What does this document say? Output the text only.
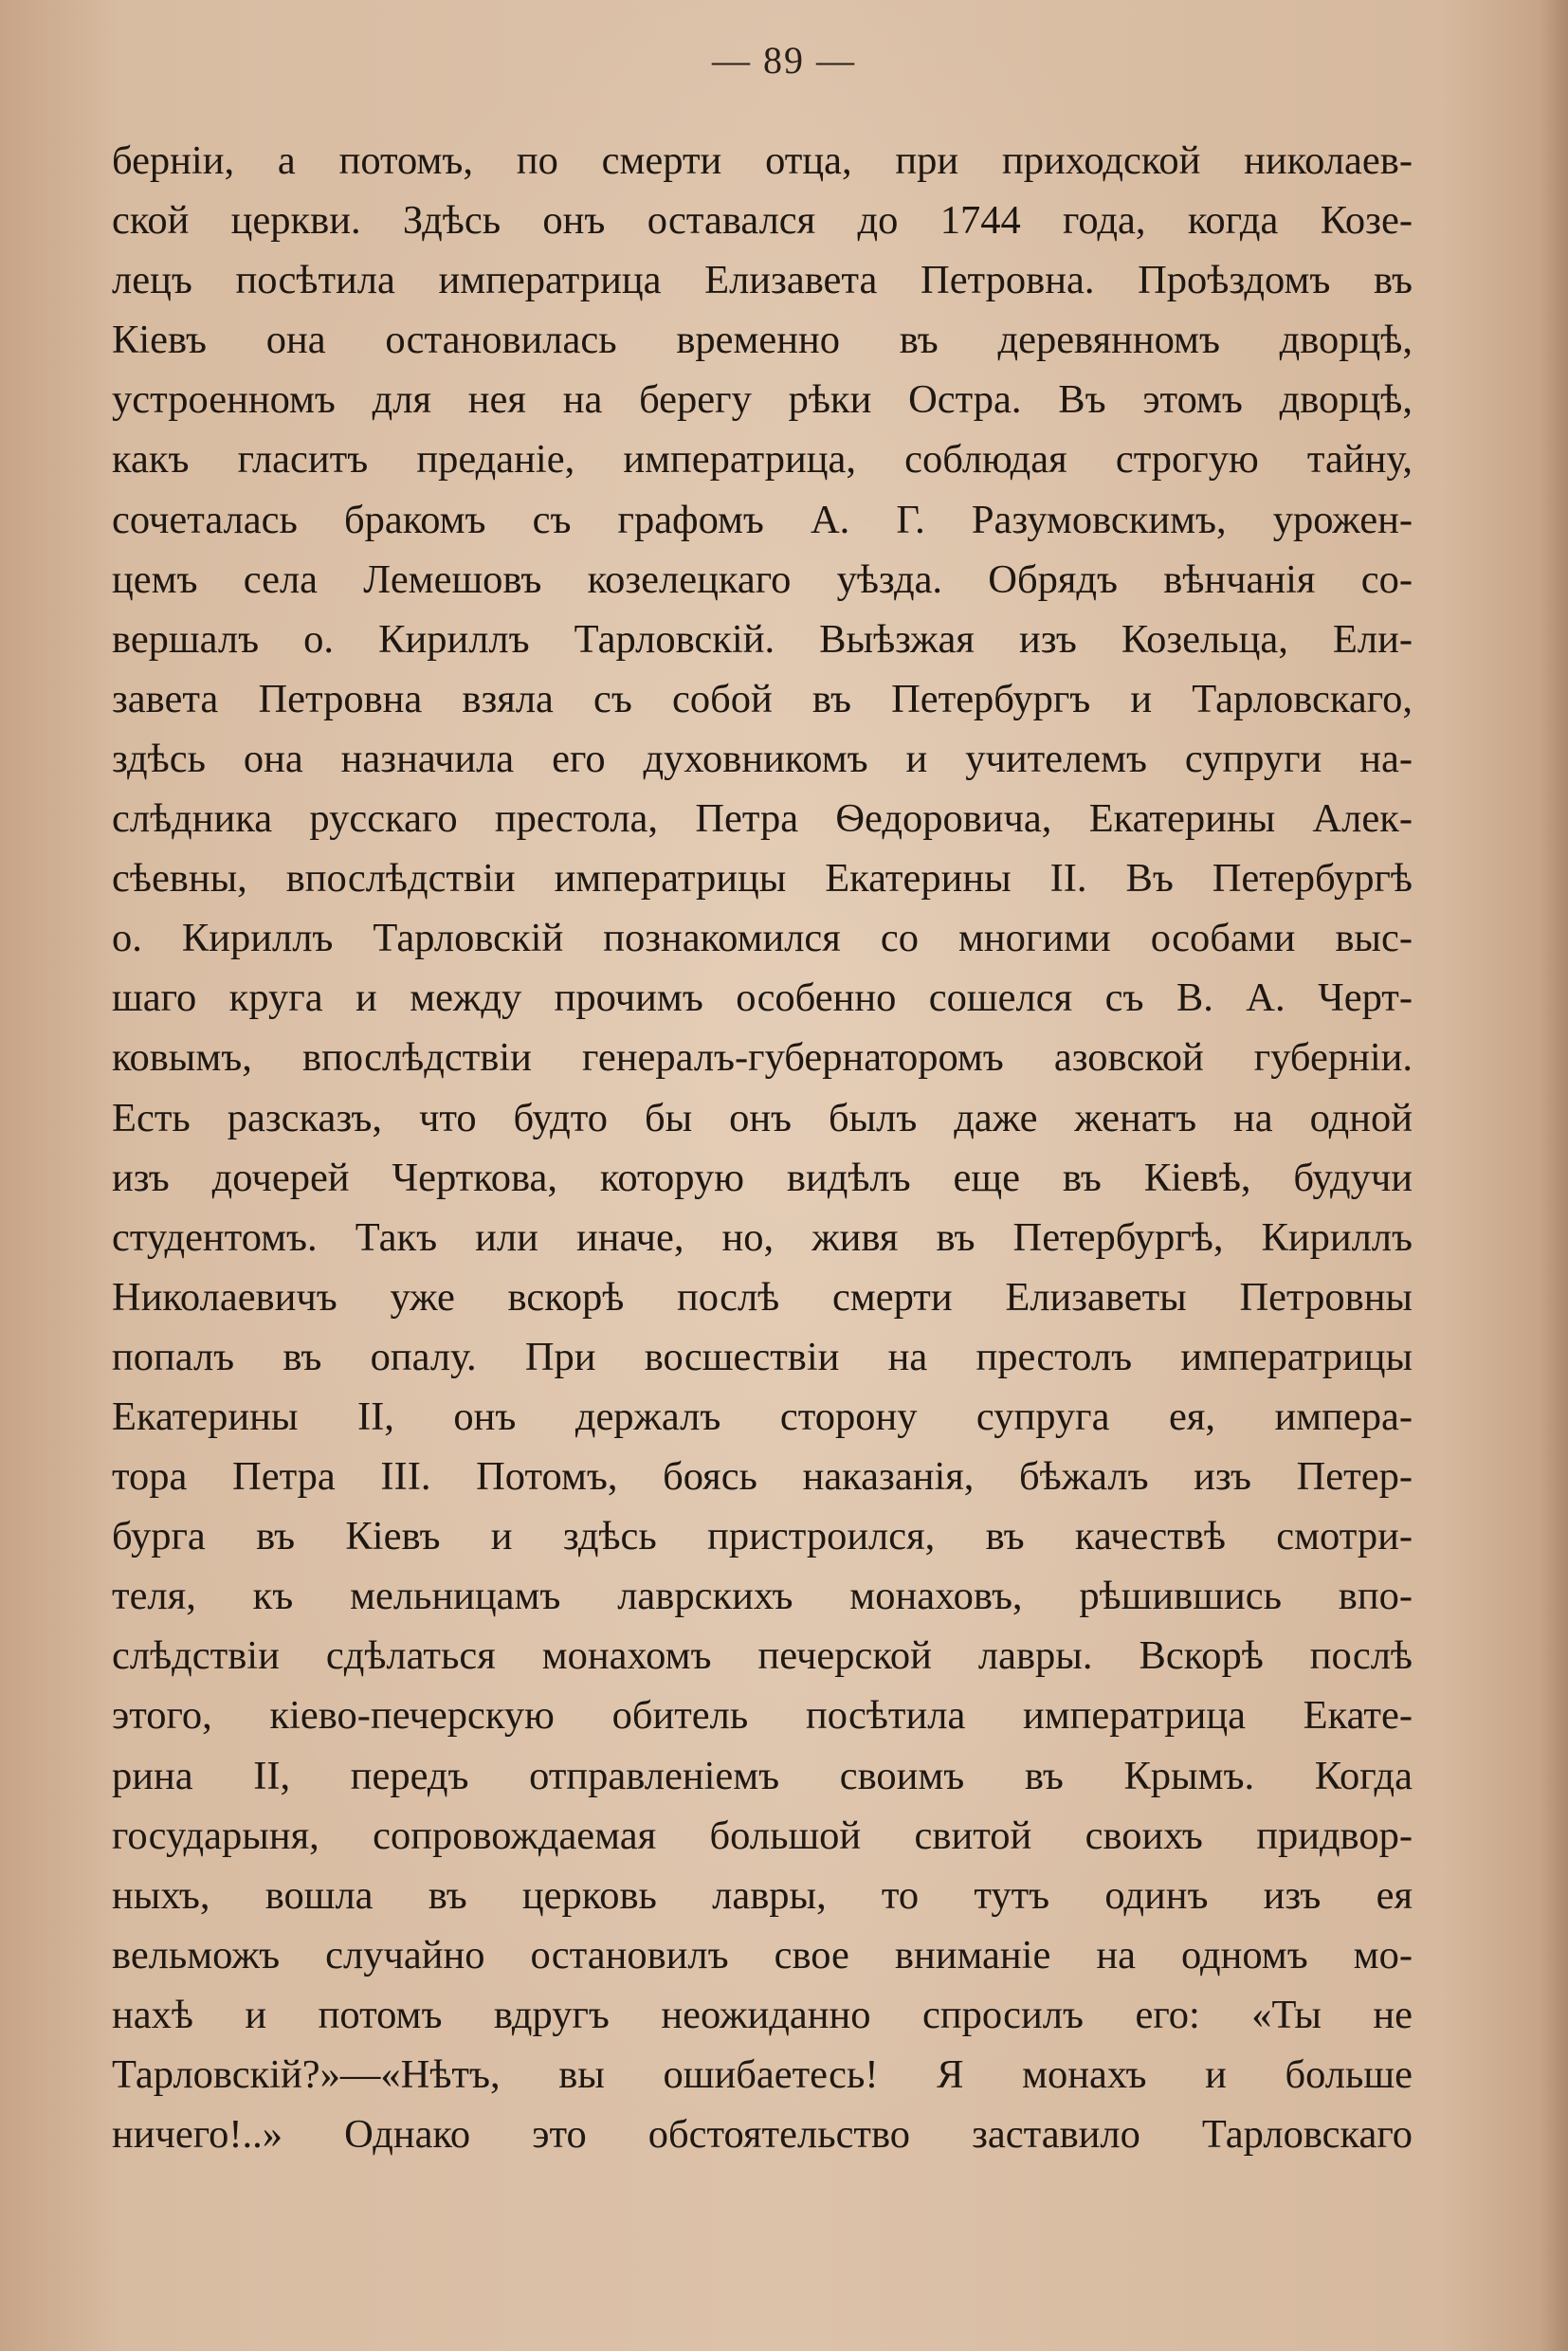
— 89 —
берніи, а потомъ, по смерти отца, при приходской николаев-
ской церкви. Здѣсь онъ оставался до 1744 года, когда Козе-
лецъ посѣтила императрица Елизавета Петровна. Проѣздомъ въ
Кіевъ она остановилась временно въ деревянномъ дворцѣ,
устроенномъ для нея на берегу рѣки Остра. Въ этомъ дворцѣ,
какъ гласитъ преданіе, императрица, соблюдая строгую тайну,
сочеталась бракомъ съ графомъ А. Г. Разумовскимъ, урожен-
цемъ села Лемешовъ козелецкаго уѣзда. Обрядъ вѣнчанія со-
вершалъ о. Кириллъ Тарловскій. Выѣзжая изъ Козельца, Ели-
завета Петровна взяла съ собой въ Петербургъ и Тарловскаго,
здѣсь она назначила его духовникомъ и учителемъ супруги на-
слѣдника русскаго престола, Петра Ѳедоровича, Екатерины Алек-
сѣевны, впослѣдствіи императрицы Екатерины II. Въ Петербургѣ
о. Кириллъ Тарловскій познакомился со многими особами выс-
шаго круга и между прочимъ особенно сошелся съ В. А. Черт-
ковымъ, впослѣдствіи генералъ-губернаторомъ азовской губерніи.
Есть разсказъ, что будто бы онъ былъ даже женатъ на одной
изъ дочерей Черткова, которую видѣлъ еще въ Кіевѣ, будучи
студентомъ. Такъ или иначе, но, живя въ Петербургѣ, Кириллъ
Николаевичъ уже вскорѣ послѣ смерти Елизаветы Петровны
попалъ въ опалу. При восшествіи на престолъ императрицы
Екатерины II, онъ держалъ сторону супруга ея, импера-
тора Петра III. Потомъ, боясь наказанія, бѣжалъ изъ Петер-
бурга въ Кіевъ и здѣсь пристроился, въ качествѣ смотри-
теля, къ мельницамъ лаврскихъ монаховъ, рѣшившись впо-
слѣдствіи сдѣлаться монахомъ печерской лавры. Вскорѣ послѣ
этого, кіево-печерскую обитель посѣтила императрица Екате-
рина II, передъ отправленіемъ своимъ въ Крымъ. Когда
государыня, сопровождаемая большой свитой своихъ придвор-
ныхъ, вошла въ церковь лавры, то тутъ одинъ изъ ея
вельможъ случайно остановилъ свое вниманіе на одномъ мо-
нахѣ и потомъ вдругъ неожиданно спросилъ его: «Ты не
Тарловскій?»—«Нѣтъ, вы ошибаетесь! Я монахъ и больше
ничего!..» Однако это обстоятельство заставило Тарловскаго
